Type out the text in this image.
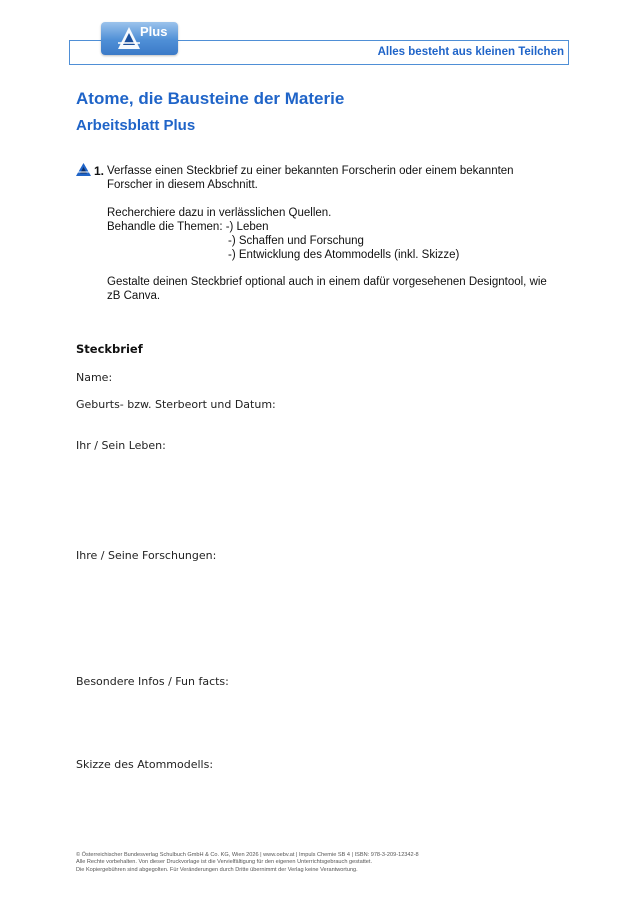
Plus
Alles besteht aus kleinen Teilchen
Atome, die Bausteine der Materie
Arbeitsblatt Plus
1. Verfasse einen Steckbrief zu einer bekannten Forscherin oder einem bekannten
Forscher in diesem Abschnitt.
Recherchiere dazu in verlässlichen Quellen.
Behandle die Themen: -) Leben
-) Schaffen und Forschung
-) Entwicklung des Atommodells (inkl. Skizze)
Gestalte deinen Steckbrief optional auch in einem dafür vorgesehenen Designtool, wie
zB Canva.
Steckbrief
Name:
Geburts- bzw. Sterbeort und Datum:
Ihr / Sein Leben:
Ihre / Seine Forschungen:
Besondere Infos / Fun facts:
Skizze des Atommodells:
© Österreichischer Bundesverlag Schulbuch GmbH & Co. KG, Wien 2026 | www.oebv.at | Impuls Chemie SB 4 | ISBN: 978-3-209-12342-8
Alle Rechte vorbehalten. Von dieser Druckvorlage ist die Vervielfältigung für den eigenen Unterrichtsgebrauch gestattet.
Die Kopiergebühren sind abgegolten. Für Veränderungen durch Dritte übernimmt der Verlag keine Verantwortung.
